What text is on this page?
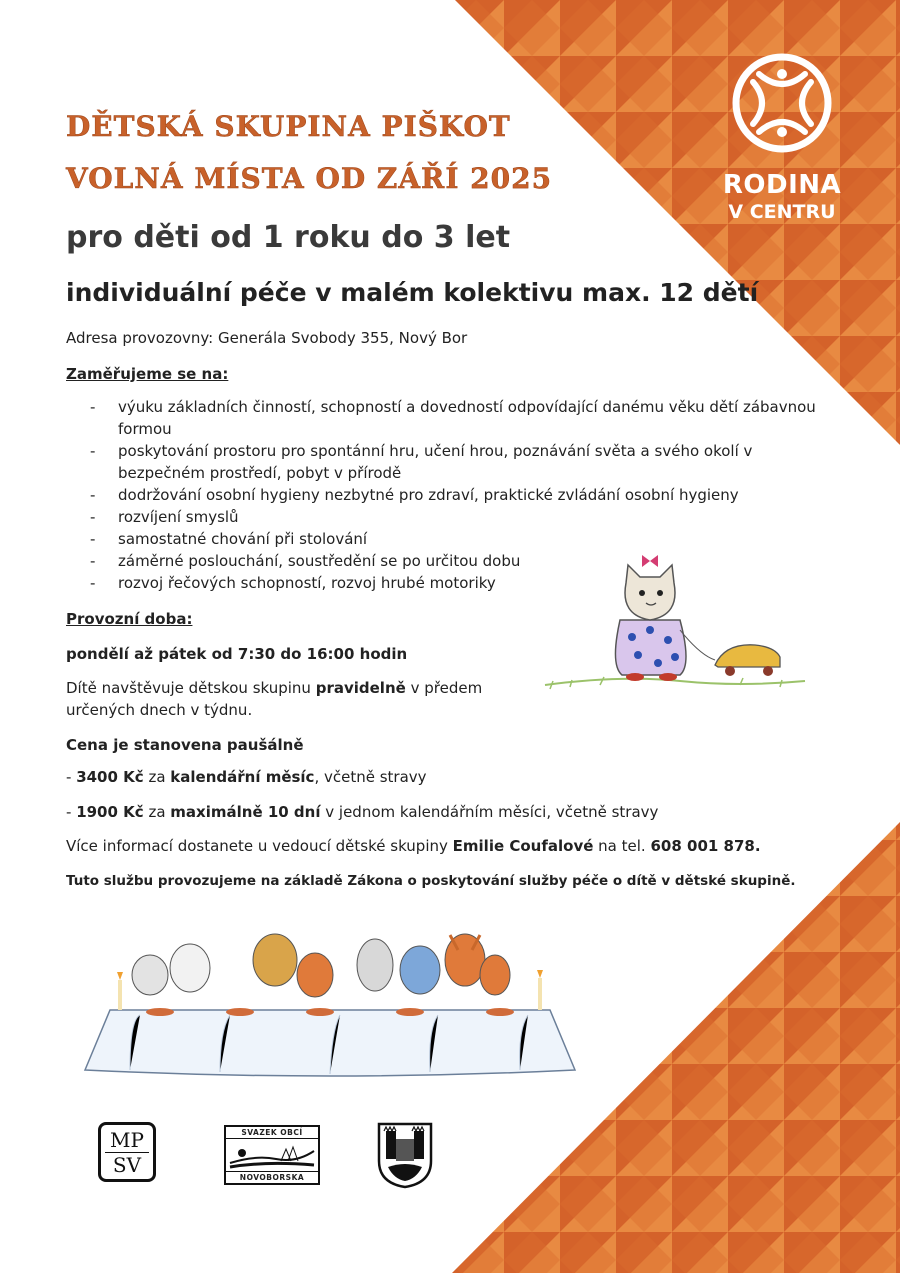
RODINA
V CENTRU
DĚTSKÁ SKUPINA PIŠKOT
VOLNÁ MÍSTA OD ZÁŘÍ 2025
pro děti od 1 roku do 3 let
individuální péče v malém kolektivu max. 12 dětí
Adresa provozovny: Generála Svobody 355, Nový Bor
Zaměřujeme se na:
- výuku základních činností, schopností a dovedností odpovídající danému věku dětí zábavnou formou
- poskytování prostoru pro spontánní hru, učení hrou, poznávání světa a svého okolí v bezpečném prostředí, pobyt v přírodě
- dodržování osobní hygieny nezbytné pro zdraví, praktické zvládání osobní hygieny
- rozvíjení smyslů
- samostatné chování při stolování
- záměrné poslouchání, soustředění se po určitou dobu
- rozvoj řečových schopností, rozvoj hrubé motoriky
Provozní doba:
pondělí až pátek od 7:30 do 16:00 hodin
Dítě navštěvuje dětskou skupinu pravidelně v předem určených dnech v týdnu.
Cena je stanovena paušálně
- 3400 Kč za kalendářní měsíc, včetně stravy
- 1900 Kč za maximálně 10 dní v jednom kalendářním měsíci, včetně stravy
Více informací dostanete u vedoucí dětské skupiny Emilie Coufalové na tel. 608 001 878.
Tuto službu provozujeme na základě Zákona o poskytování služby péče o dítě v dětské skupině.
MP
SV
SVAZEK OBCÍ
NOVOBORSKA
